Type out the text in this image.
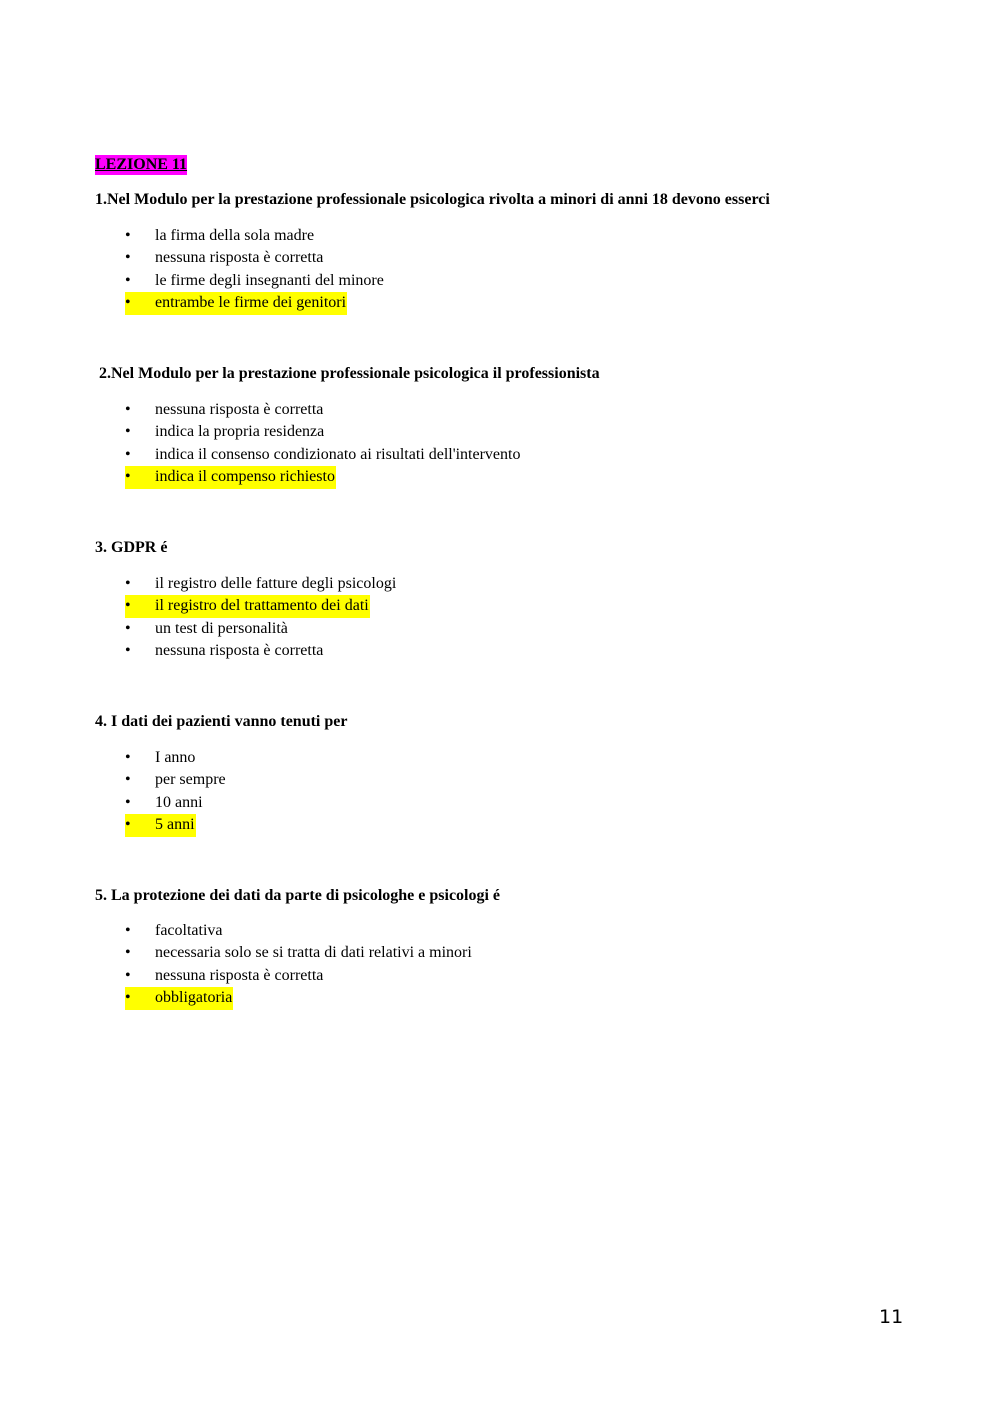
LEZIONE 11
1.Nel Modulo per la prestazione professionale psicologica rivolta a minori di anni 18 devono esserci
• la firma della sola madre
• nessuna risposta è corretta
• le firme degli insegnanti del minore
• entrambe le firme dei genitori
2.Nel Modulo per la prestazione professionale psicologica il professionista
• nessuna risposta è corretta
• indica la propria residenza
• indica il consenso condizionato ai risultati dell'intervento
• indica il compenso richiesto
3. GDPR é
• il registro delle fatture degli psicologi
• il registro del trattamento dei dati
• un test di personalità
• nessuna risposta è corretta
4. I dati dei pazienti vanno tenuti per
• I anno
• per sempre
• 10 anni
• 5 anni
5. La protezione dei dati da parte di psicologhe e psicologi é
• facoltativa
• necessaria solo se si tratta di dati relativi a minori
• nessuna risposta è corretta
• obbligatoria
11
